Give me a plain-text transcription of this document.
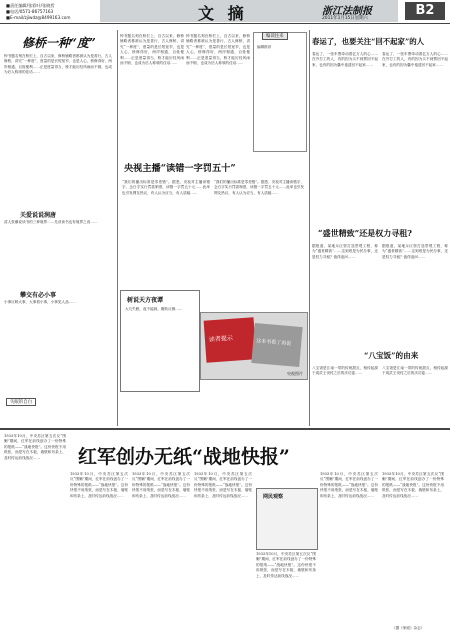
■责任编辑/张彩叶/张晓哲
■电话/0571-86757163
■E-mail/zjiwdz@8499163.com	文 摘	浙江法制报
2011年1月15日星期六
B2
修桥一种“度”
钟书题名刻在桥栏上，自古以来，修桥铺路者都被认为是善行，古人修桥，讲究“一种度”，度量的是长短宽窄，也是人心，桥修得好，两岸相通，百姓便利……正是度量得当，桥才能历经风雨而不倒，也成为后人称颂的佳话……
关爱说说润唐
清人张潮说读书的三种境界……先谈读书也有境界之说……
攀交有必小事
小事反映大事，大事看小事，小事见人品……
失眠的自白
钟书题名刻在桥栏上，自古以来，修桥铺路者都被认为是善行，古人修桥，讲究“一种度”，度量的是长短宽窄，也是人心，桥修得好，两岸相通，百姓便利……正是度量得当，桥才能历经风雨而不倒，也成为后人称颂的佳话……
钟书题名刻在桥栏上，自古以来，修桥铺路者都被认为是善行，古人修桥，讲究“一种度”，度量的是长短宽窄，也是人心，桥修得好，两岸相通，百姓便利……正是度量得当，桥才能历经风雨而不倒，也成为后人称颂的佳话……
编读往来
编辑推荐
央视主播“读错一字罚五十”
“我们的播出标准是零差错”。据悉，央视对主播读错字、念白字实行罚款制度，读错一字罚五十元……此举也引发网友热议，有人认为应当，有人质疑……
“我们的播出标准是零差错”。据悉，央视对主播读错字、念白字实行罚款制度，读错一字罚五十元……此举也引发网友热议，有人认为应当，有人质疑……
树说天方夜谭
大凡失眠，夜不能寐，辗转反侧……
读者提示	这本书看了再说
央视图片
春运了，也要关注“回不起家”的人
春运了，一张车票牵动着亿万人的心……在外打工的人，有的因为买不到票回不起家，也有的因为囊中羞涩回不起家……
春运了，一张车票牵动着亿万人的心……在外打工的人，有的因为买不到票回不起家，也有的因为囊中羞涩回不起家……
“盛世精致”还是权力寻租?
据报道，某地斥巨资打造景观工程，称为“盛世精致”……这到底是为民办事，还是权力寻租？值得追问……
据报道，某地斥巨资打造景观工程，称为“盛世精致”……这到底是为民办事，还是权力寻租？值得追问……
“八宝饭”的由来
八宝饭是江南一带的传统甜点，相传起源于周武王伐纣之后的庆功宴……
八宝饭是江南一带的传统甜点，相传起源于周武王伐纣之后的庆功宴……
1933年10月，中央苏区第五次反“围剿”期间，红军在前线创办了一份特殊的报纸——“战地快报”。这份快报不用纸张，而是写在木板、墙壁和布条上，及时传达前线战况……	红军创办无纸“战地快报”
1933年10月，中央苏区第五次反“围剿”期间，红军在前线创办了一份特殊的报纸——“战地快报”。这份快报不用纸张，而是写在木板、墙壁和布条上，及时传达前线战况……
1933年10月，中央苏区第五次反“围剿”期间，红军在前线创办了一份特殊的报纸——“战地快报”。这份快报不用纸张，而是写在木板、墙壁和布条上，及时传达前线战况……
1933年10月，中央苏区第五次反“围剿”期间，红军在前线创办了一份特殊的报纸——“战地快报”。这份快报不用纸张，而是写在木板、墙壁和布条上，及时传达前线战况……	网民观察
1933年10月，中央苏区第五次反“围剿”期间，红军在前线创办了一份特殊的报纸——“战地快报”。这份快报不用纸张，而是写在木板、墙壁和布条上，及时传达前线战况……
1933年10月，中央苏区第五次反“围剿”期间，红军在前线创办了一份特殊的报纸——“战地快报”。这份快报不用纸张，而是写在木板、墙壁和布条上，及时传达前线战况……
1933年10月，中央苏区第五次反“围剿”期间，红军在前线创办了一份特殊的报纸——“战地快报”。这份快报不用纸张，而是写在木板、墙壁和布条上，及时传达前线战况……
（据《家庭》杂志）
